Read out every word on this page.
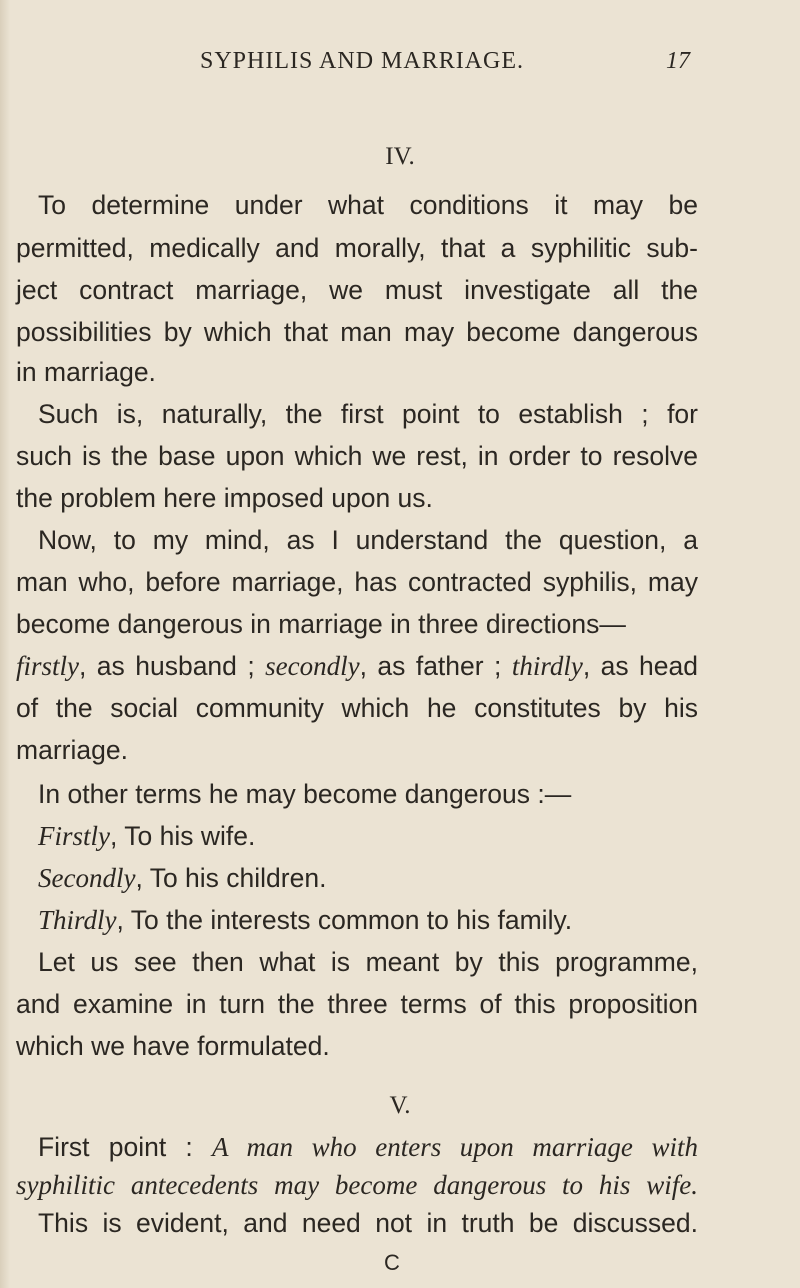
SYPHILIS AND MARRIAGE.	17
IV.
To determine under what conditions it may be
permitted, medically and morally, that a syphilitic sub-
ject contract marriage, we must investigate all the
possibilities by which that man may become dangerous
in marriage.
Such is, naturally, the first point to establish ; for
such is the base upon which we rest, in order to resolve
the problem here imposed upon us.
Now, to my mind, as I understand the question, a
man who, before marriage, has contracted syphilis, may
become dangerous in marriage in three directions—
firstly, as husband ; secondly, as father ; thirdly, as head
of the social community which he constitutes by his
marriage.
In other terms he may become dangerous :—
Firstly, To his wife.
Secondly, To his children.
Thirdly, To the interests common to his family.
Let us see then what is meant by this programme,
and examine in turn the three terms of this proposition
which we have formulated.
V.
First point : A man who enters upon marriage with
syphilitic antecedents may become dangerous to his wife.
This is evident, and need not in truth be discussed.
C
